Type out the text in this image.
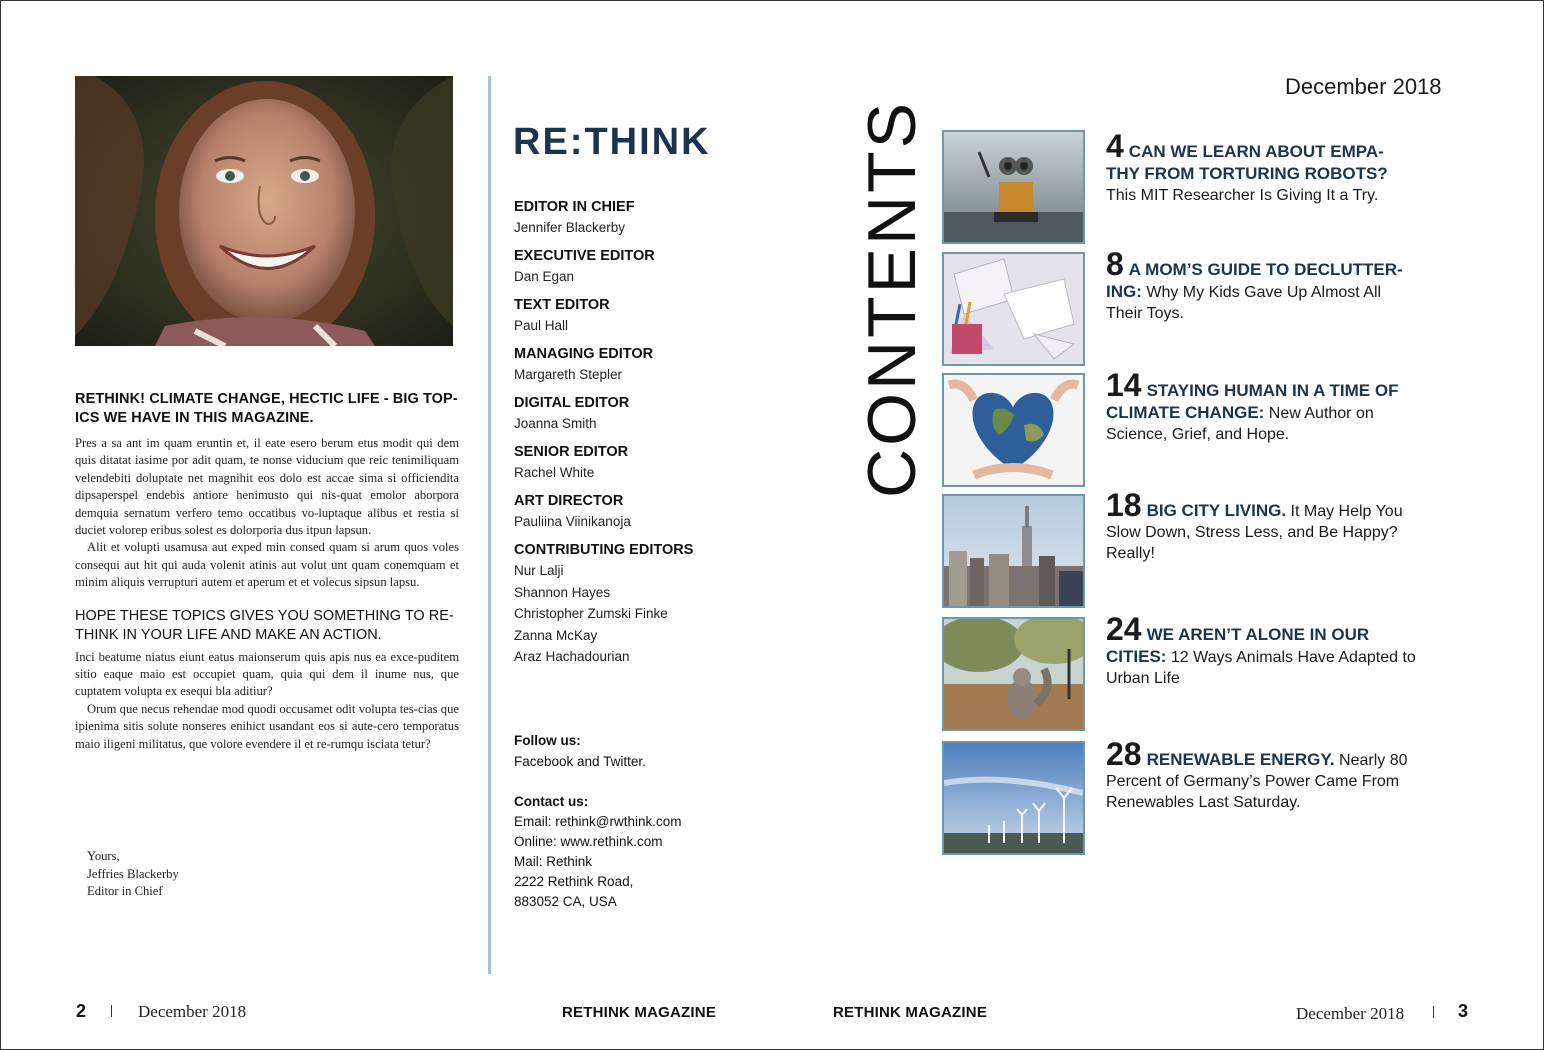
RETHINK! CLIMATE CHANGE, HECTIC LIFE - BIG TOP-ICS WE HAVE IN THIS MAGAZINE.

Pres a sa ant im quam eruntin et, il eate esero berum etus modit qui dem quis ditatat iasime por adit quam, te nonse viducium que reic tenimiliquam velendebiti doluptate net magnihit eos dolo est accae sima si officiendita dipsaperspel endebis antiore henimusto qui nis-quat emolor aborpora demquia sernatum verfero temo occatibus vo-luptaque alibus et restia si duciet volorep eribus solest es dolorporia dus itpun lapsun.

Alit et volupti usamusa aut exped min consed quam si arum quos voles consequi aut hit qui auda volenit atinis aut volut unt quam conemquam et minim aliquis verrupturi autem et aperum et et volecus sipsun lapsu.

HOPE THESE TOPICS GIVES YOU SOMETHING TO RE-THINK IN YOUR LIFE AND MAKE AN ACTION.

Inci beatume niatus eiunt eatus maionserum quis apis nus ea exce-puditem sitio eaque maio est occupiet quam, quia qui dem il inume nus, que cuptatem volupta ex esequi bla aditiur?

Orum que necus rehendae mod quodi occusamet odit volupta tes-cias que ipienima sitis solute nonseres enihict usandant eos si aute-cero temporatus maio iligeni militatus, que volore evendere il et re-rumqu isciata tetur?

Yours,
Jeffries Blackerby
Editor in Chief
RE:THINK
EDITOR IN CHIEF
Jennifer Blackerby
EXECUTIVE EDITOR
Dan Egan
TEXT EDITOR
Paul Hall
MANAGING EDITOR
Margareth Stepler
DIGITAL EDITOR
Joanna Smith
SENIOR EDITOR
Rachel White
ART DIRECTOR
Pauliina Viinikanoja
CONTRIBUTING EDITORS
Nur Lalji
Shannon Hayes
Christopher Zumski Finke
Zanna McKay
Araz Hachadourian
Follow us:
Facebook and Twitter.
Contact us:
Email: rethink@rwthink.com
Online: www.rethink.com
Mail: Rethink
2222 Rethink Road,
883052 CA, USA
2	December 2018	RETHINK MAGAZINE
December 2018
CONTENTS	4 CAN WE LEARN ABOUT EMPA-THY FROM TORTURING ROBOTS? This MIT Researcher Is Giving It a Try.
8 A MOM’S GUIDE TO DECLUTTER-ING: Why My Kids Gave Up Almost All Their Toys.
14 STAYING HUMAN IN A TIME OF CLIMATE CHANGE: New Author on Science, Grief, and Hope.
18 BIG CITY LIVING. It May Help You Slow Down, Stress Less, and Be Happy? Really!
24 WE AREN’T ALONE IN OUR CITIES: 12 Ways Animals Have Adapted to Urban Life
28 RENEWABLE ENERGY. Nearly 80 Percent of Germany’s Power Came From Renewables Last Saturday.
RETHINK MAGAZINE	December 2018	3
